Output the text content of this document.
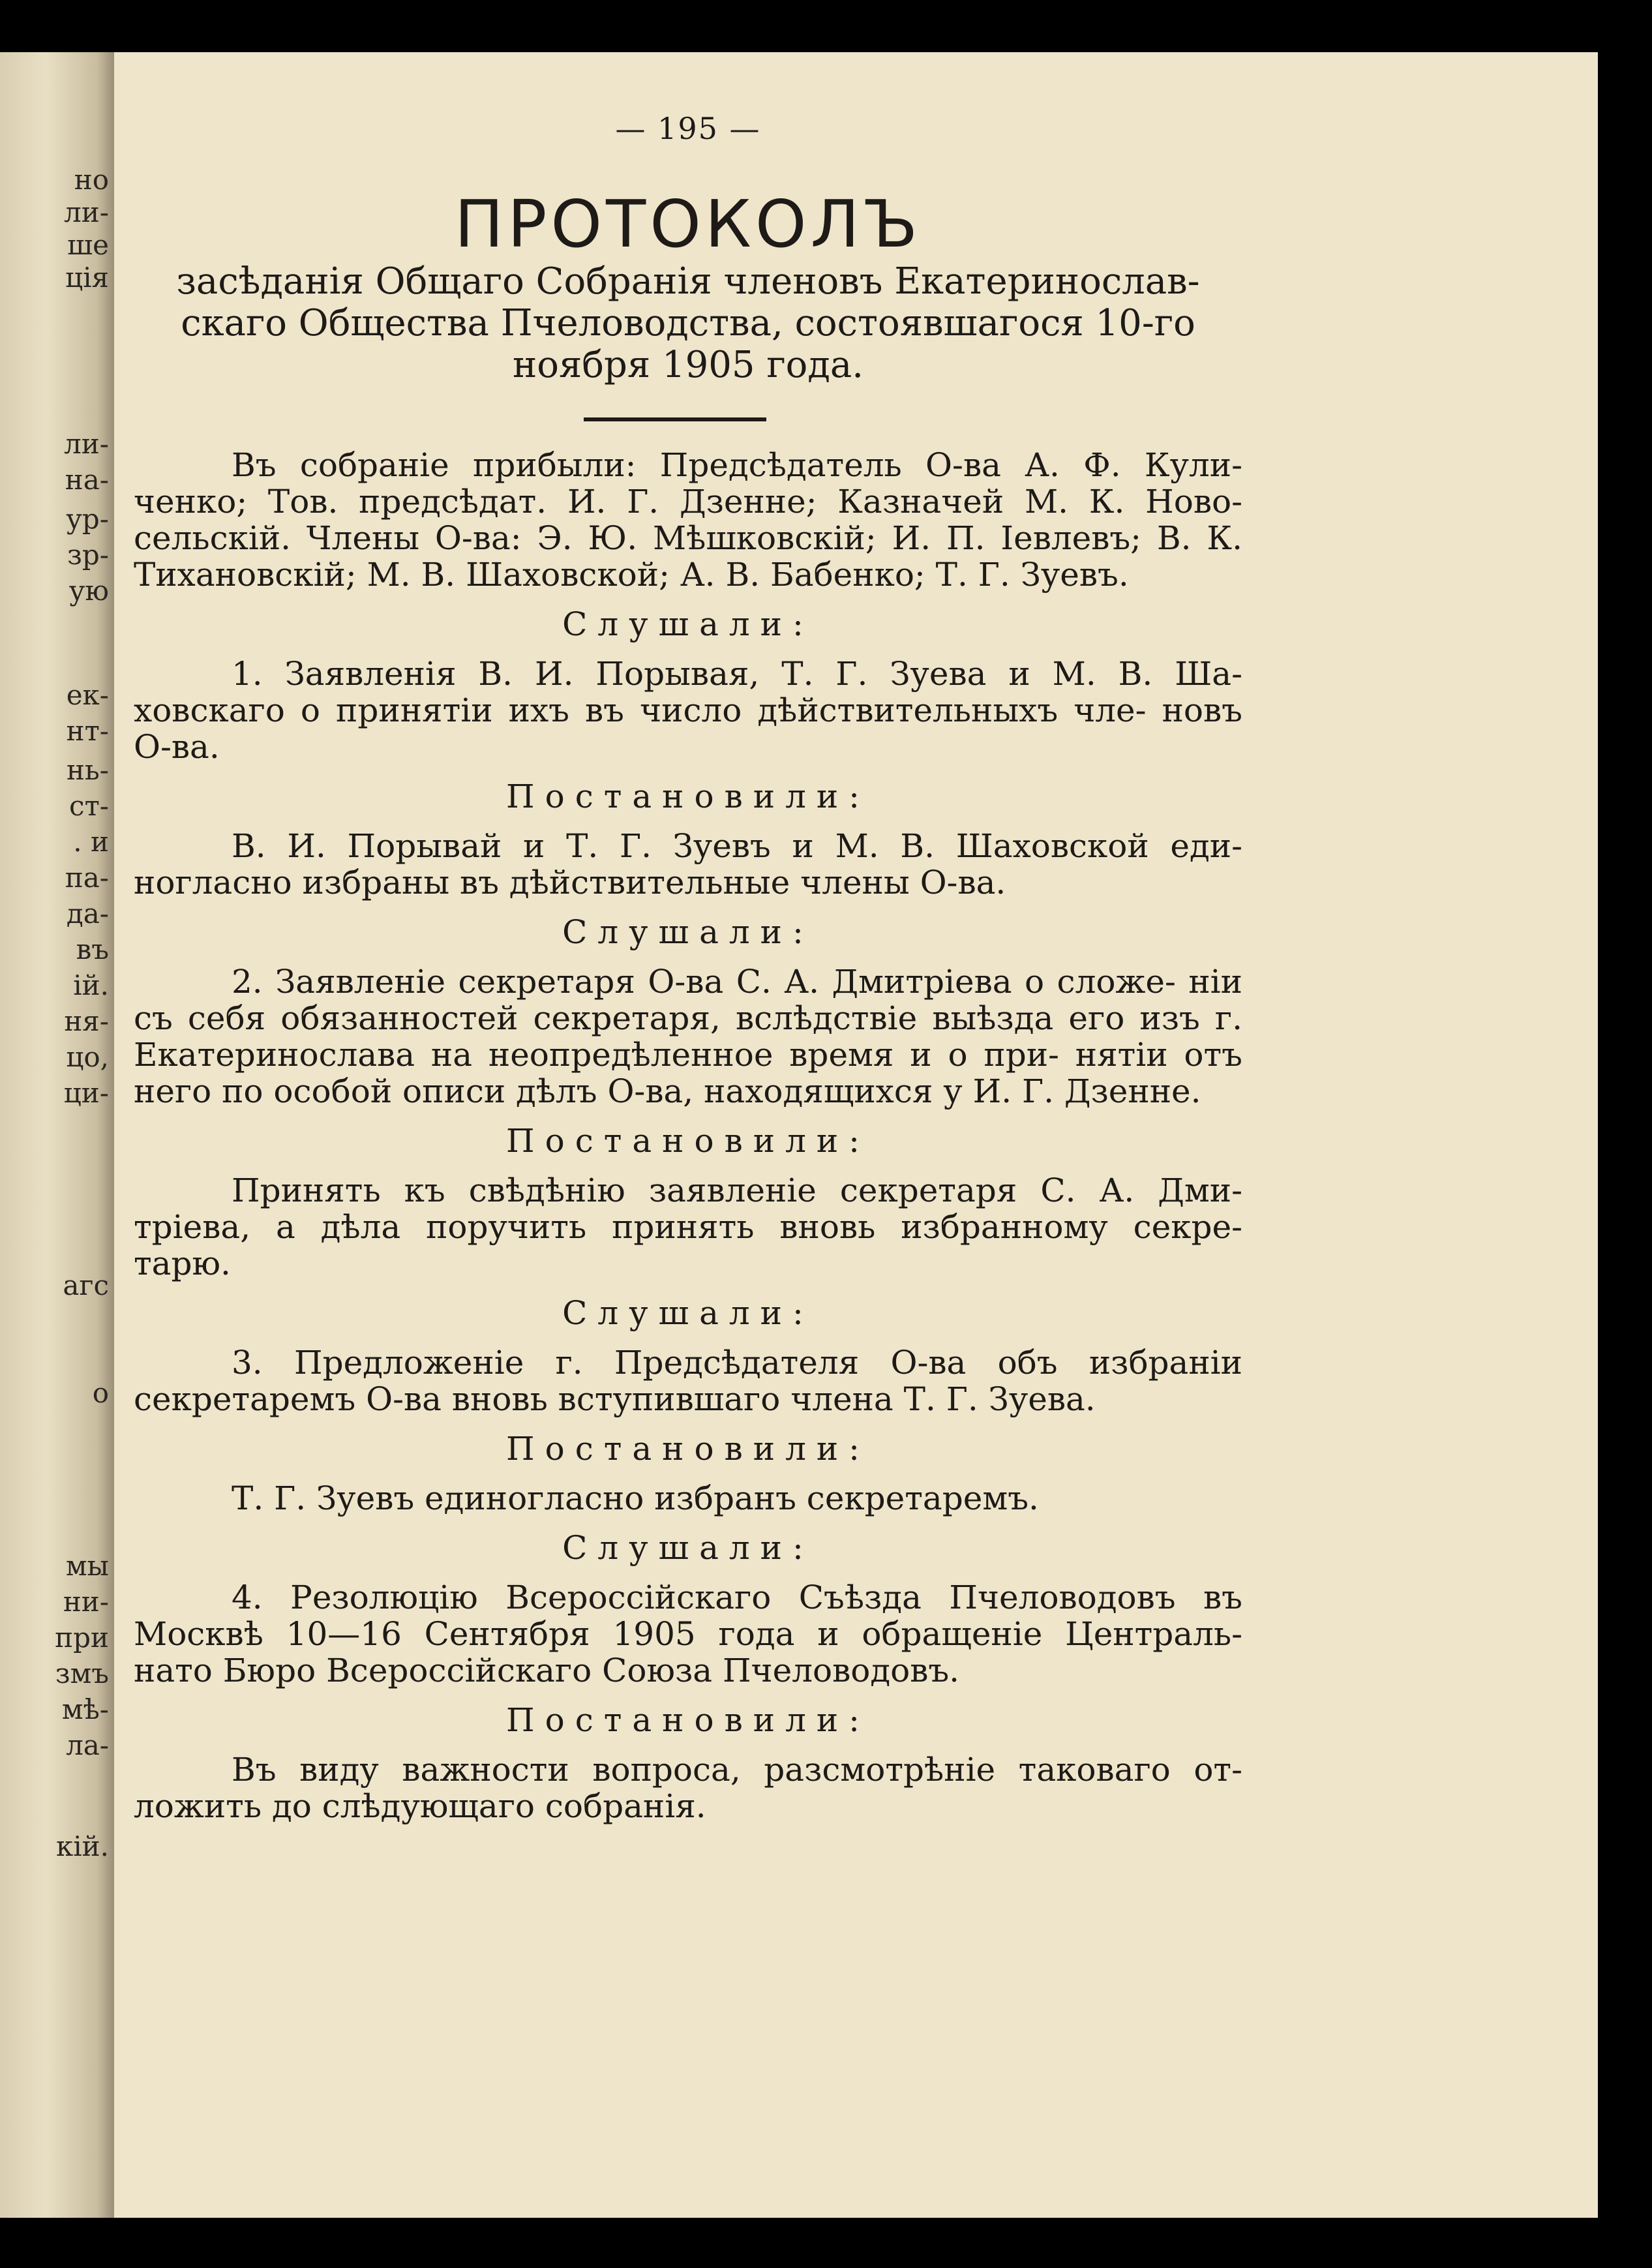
но
ли-
ше
ція
ли-
на-
ур-
зр-
ую
ек-
нт-
нь-
ст-
. и
па-
да-
въ
ій.
ня-
цо,
ци-
агс
о
мы
ни-
при
змъ
мѣ-
ла-
кій.
— 195 —
ПРОТОКОЛЪ
засѣданія Общаго Собранія членовъ Екатеринослав- скаго Общества Пчеловодства, состоявшагося 10-го ноября 1905 года.

Въ собраніе прибыли: Предсѣдатель О-ва А. Ф. Кули- ченко; Тов. предсѣдат. И. Г. Дзенне; Казначей М. К. Ново- сельскій. Члены О-ва: Э. Ю. Мѣшковскій; И. П. Іевлевъ; В. К. Тихановскій; М. В. Шаховской; А. В. Бабенко; Т. Г. Зуевъ.

Слушали:

1. Заявленія В. И. Порывая, Т. Г. Зуева и М. В. Ша- ховскаго о принятіи ихъ въ число дѣйствительныхъ чле- новъ О-ва.

Постановили:

В. И. Порывай и Т. Г. Зуевъ и М. В. Шаховской еди- ногласно избраны въ дѣйствительные члены О-ва.

Слушали:

2. Заявленіе секретаря О-ва С. А. Дмитріева о сложе- ніи съ себя обязанностей секретаря, вслѣдствіе выѣзда его изъ г. Екатеринослава на неопредѣленное время и о при- нятіи отъ него по особой описи дѣлъ О-ва, находящихся у И. Г. Дзенне.

Постановили:

Принять къ свѣдѣнію заявленіе секретаря С. А. Дми- тріева, а дѣла поручить принять вновь избранному секре- тарю.

Слушали:

3. Предложеніе г. Предсѣдателя О-ва объ избраніи секретаремъ О-ва вновь вступившаго члена Т. Г. Зуева.

Постановили:

Т. Г. Зуевъ единогласно избранъ секретаремъ.

Слушали:

4. Резолюцію Всероссійскаго Съѣзда Пчеловодовъ въ Москвѣ 10—16 Сентября 1905 года и обращеніе Централь- нато Бюро Всероссійскаго Союза Пчеловодовъ.

Постановили:

Въ виду важности вопроса, разсмотрѣніе таковаго от- ложить до слѣдующаго собранія.
